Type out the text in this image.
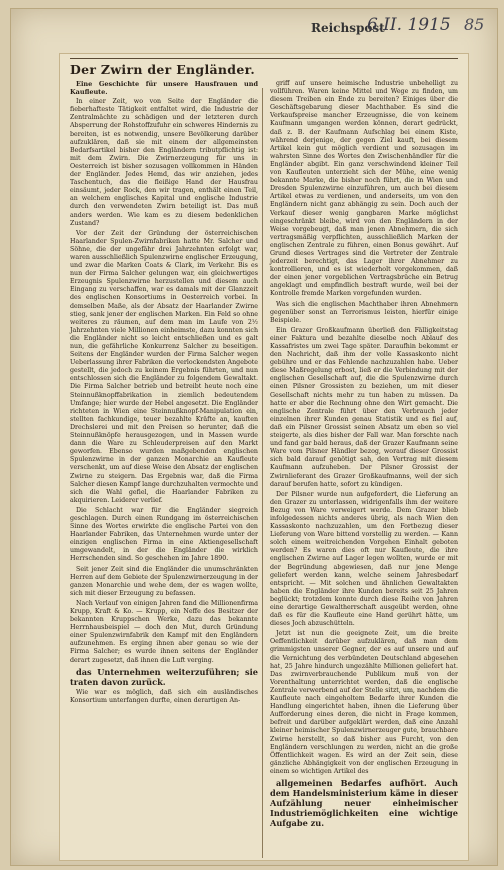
Reichspost
6.II. 1915 85
Der Zwirn der Engländer.

Eine Geschichte für unsere Hausfrauen und Kaufleute.

In einer Zeit, wo von Seite der Engländer die fieberhafteste Tätigkeit entfaltet wird, die Industrie der Zentralmächte zu schädigen und der letzteren durch Absperrung der Rohstoffzufuhr ein schweres Hindernis zu bereiten, ist es notwendig, unsere Bevölkerung darüber aufzuklären, daß sie mit einem der allgemeinsten Bedarfsartikel bisher den Engländern tributpflichtig ist: mit dem Zwirn. Die Zwirnerzeugung für uns in Oesterreich ist bisher sozusagen vollkommen in Händen der Engländer. Jedes Hemd, das wir anziehen, jedes Taschentuch, das die fleißige Hand der Hausfrau einsäumt, jeder Rock, den wir tragen, enthält einen Teil, an welchem englisches Kapital und englische Industrie durch den verwendeten Zwirn beteiligt ist. Das muß anders werden. Wie kam es zu diesem bedenklichen Zustand?

Vor der Zeit der Gründung der österreichischen Haarlander Spulen-Zwirnfabriken hatte Mr. Salcher und Söhne, die der ungefähr drei Jahrzehnten erfolgt war, waren ausschließlich Spulenzwirne englischer Erzeugung, und zwar die Marken Coats & Clark, im Verkehr. Bis es nun der Firma Salcher gelungen war, ein gleichwertiges Erzeugnis Spulenzwirne herzustellen und diesem auch Eingang zu verschaffen, war es damals mit der Glanzzeit des englischen Konsortiums in Oesterreich vorbei. In demselben Maße, als der Absatz der Haarlander Zwirne stieg, sank jener der englischen Marken. Ein Feld so ohne weiteres zu räumen, auf dem man im Laufe von 2½ Jahrzehnten viele Millionen einheimste, dazu konnten sich die Engländer nicht so leicht entschließen und es galt nun, die gefährliche Konkurrenz Salcher zu beseitigen. Seitens der Engländer wurden der Firma Salcher wegen Ueberlassung ihrer Fabriken die verlockendsten Angebote gestellt, die jedoch zu keinem Ergebnis führten, und nun entschlossen sich die Engländer zu folgendem Gewaltakt. Die Firma Salcher betrieb und betreibt heute noch eine Steinnußknopffabrikation in ziemlich bedeutendem Umfange; hier wurde der Hebel angesetzt. Die Engländer richteten in Wien eine Steinnußknopf-Manipulation ein, stellten fachkundige, teuer bezahlte Kräfte an, kauften Drechslerei und mit den Preisen so herunter, daß die Steinnußknöpfe herausgezogen, und in Massen wurde dann die Ware zu Schleuderpreisen auf den Markt geworfen. Ebenso wurden maßgebenden englischen Spulenzwirne in der ganzen Monarchie an Kaufleute verschenkt, um auf diese Weise den Absatz der englischen Zwirne zu steigern. Das Ergebnis war, daß die Firma Salcher diesen Kampf lange durchzuhalten vermochte und sich die Wahl gefiel, die Haarlander Fabriken zu akquirieren. Leiderer verlief.

Die Schlacht war für die Engländer siegreich geschlagen. Durch einen Rundgang im österreichischen Sinne des Wortes erwirkte die englische Partei von den Haarlander Fabriken, das Unternehmen wurde unter der einzigen englischen Firma in eine Aktiengesellschaft umgewandelt, in der die Engländer die wirklich Herrschenden sind. So geschehen im Jahre 1890.

Seit jener Zeit sind die Engländer die unumschränkten Herren auf dem Gebiete der Spulenzwirnerzeugung in der ganzen Monarchie und wehe dem, der es wagen wollte, sich mit dieser Erzeugung zu befassen.

Nach Verlauf von einigen Jahren fand die Millionenfirma Krupp, Kraft & Ko. — Krupp, ein Neffe des Besitzer der bekannten Kruppschen Werke, dazu das bekannte Herrnhausbeispiel — doch den Mut, durch Gründung einer Spulenzwirnfabrik den Kampf mit den Engländern aufzunehmen. Es erging ihnen aber genau so wie der Firma Salcher; es wurde ihnen seitens der Engländer derart zugesetzt, daß ihnen die Luft verging.

das Unternehmen weiterzuführen; sie traten davon zurück.

Wie war es möglich, daß sich ein ausländisches Konsortium unterfangen durfte, einen derartigen An-

griff auf unsere heimische Industrie unbehelligt zu vollführen. Waren keine Mittel und Wege zu finden, um diesem Treiben ein Ende zu bereiten? Einiges über die Geschäftsgebarung dieser Machthaber. Es sind die Verkaufspreise mancher Erzeugnisse, die von keinem Kaufmann umgangen werden können, derart gedrückt, daß z. B. der Kaufmann Aufschlag bei einem Kiste, während derjenige, der gegen Ziel kauft, bei diesem Artikel kein gut möglich verdient und sozusagen im wahrsten Sinne des Wortes den Zwischenhändler für die Engländer abgibt. Ein ganz verschwindend kleiner Teil von Kaufleuten unterzieht sich der Mühe, eine wenig bekannte Marke, die bisher noch führt, die in Wien und Dresden Spulenzwirne einzuführen, um auch bei diesem Artikel etwas zu verdienen, und anderseits, um von den Engländern nicht ganz abhängig zu sein. Doch auch der Verkauf dieser wenig gangbaren Marke möglichst eingeschränkt bleibe, wird von den Engländern in der Weise vorgebeugt, daß man jenen Abnehmern, die sich vertragsmäßig verpflichten, ausschließlich Marken der englischen Zentrale zu führen, einen Bonus gewährt. Auf Grund dieses Vertrages sind die Vertreter der Zentrale jederzeit berechtigt, das Lager ihrer Abnehmer zu kontrollieren, und es ist wiederholt vorgekommen, daß der einen jener vorgeblichen Vertragsbrüche ein Betrug angeklagt und empfindlich bestraft wurde, weil bei der Kontrolle fremde Marken vorgefunden wurden.

Was sich die englischen Machthaber ihren Abnehmern gegenüber sonst an Terrorismus leisten, hierfür einige Beispiele.

Ein Grazer Großkaufmann überließ den Fälligkeitstag einer Faktura und bezahlte dieselbe noch Ablauf des Kassafristes um zwei Tage später. Daraufhin bekommt er den Nachricht, daß ihm der volle Kassaskonto nicht gebühre und er das Fehlende nachzuzahlen habe. Ueber diese Maßregelung erbost, ließ er die Verbindung mit der englischen Gesellschaft auf, die die Spulenzwirne durch einen Pilsner Grossisten zu beziehen, um mit dieser Gesellschaft nichts mehr zu tun haben zu müssen. Da hatte er aber die Rechnung ohne den Wirt gemacht. Die englische Zentrale führt über den Verbrauch jeder einzelnen ihrer Kunden genau Statistik und es fiel auf, daß ein Pilsner Grossist seinen Absatz um eben so viel steigerte, als dies bisher der Fall war. Man forschte nach und fand gar bald heraus, daß der Grazer Kaufmann seine Ware vom Pilsner Händler bezog, worauf dieser Grossist sich bald darauf genötigt sah, den Vertrag mit diesem Kaufmann aufzuheben. Der Pilsner Grossist der Zwirnlieferant des Grazer Großkaufmanns, weil der sich darauf berufen hatte, sofort zu kündigen.

Der Pilsner wurde nun aufgefordert, die Lieferung an den Grazer zu unterlassen, widrigenfalls ihm der weitere Bezug von Ware verweigert werde. Dem Grazer blieb infolgedessen nichts anderes übrig, als nach Wien den Kassaskonto nachzuzahlen, um den Fortbezug dieser Lieferung von Ware bittend vorstellig zu werden. — Kann solch einem weitreichenden Vorgehen Einhalt geboten werden? Es waren dies oft nur Kaufleute, die ihre englischen Zwirne auf Lager legen wollten, wurde er mit der Begründung abgewiesen, daß nur jene Menge geliefert werden kann, welche seinem Jahresbedarf entspricht. — Mit solchen und ähnlichen Gewaltakten haben die Engländer ihre Kunden bereits seit 25 Jahren beglückt; trotzdem konnte durch diese Reihe von Jahren eine derartige Gewaltherrschaft ausgeübt werden, ohne daß es für die Kaufleute eine Hand gerührt hätte, um dieses Joch abzuschütteln.

Jetzt ist nun die geeignete Zeit, um die breite Oeffentlichkeit darüber aufzuklären, daß man dem grimmigsten unserer Gegner, der es auf unsere und auf die Vernichtung des verbündeten Deutschland abgesehen hat, 25 Jahre hindurch ungezählte Millionen geliefert hat. Das zwirnverbrauchende Publikum muß von der Vorenthaltung unterrichtet werden, daß die englische Zentrale verwerbend auf der Stelle sitzt, um, nachdem die Kaufleute nach eingeholtem Bedarfe ihrer Kunden die Handlung eingerichtet haben, ihnen die Lieferung über Aufforderung eines deren, die nicht in Frage kommen, befreit und darüber aufgeklärt werden, daß eine Anzahl kleiner heimischer Spulenzwirnerzeuger gute, brauchbare Zwirne herstellt, so daß bisher aus Furcht, von den Engländern verschlungen zu werden, nicht an die große Öffentlichkeit wagen. Es wird an der Zeit sein, diese gänzliche Abhängigkeit von der englischen Erzeugung in einem so wichtigen Artikel des

allgemeinen Bedarfes aufhört. Auch dem Handelsministerium käme in dieser Aufzählung neuer einheimischer Industriemöglichkeiten eine wichtige Aufgabe zu.
